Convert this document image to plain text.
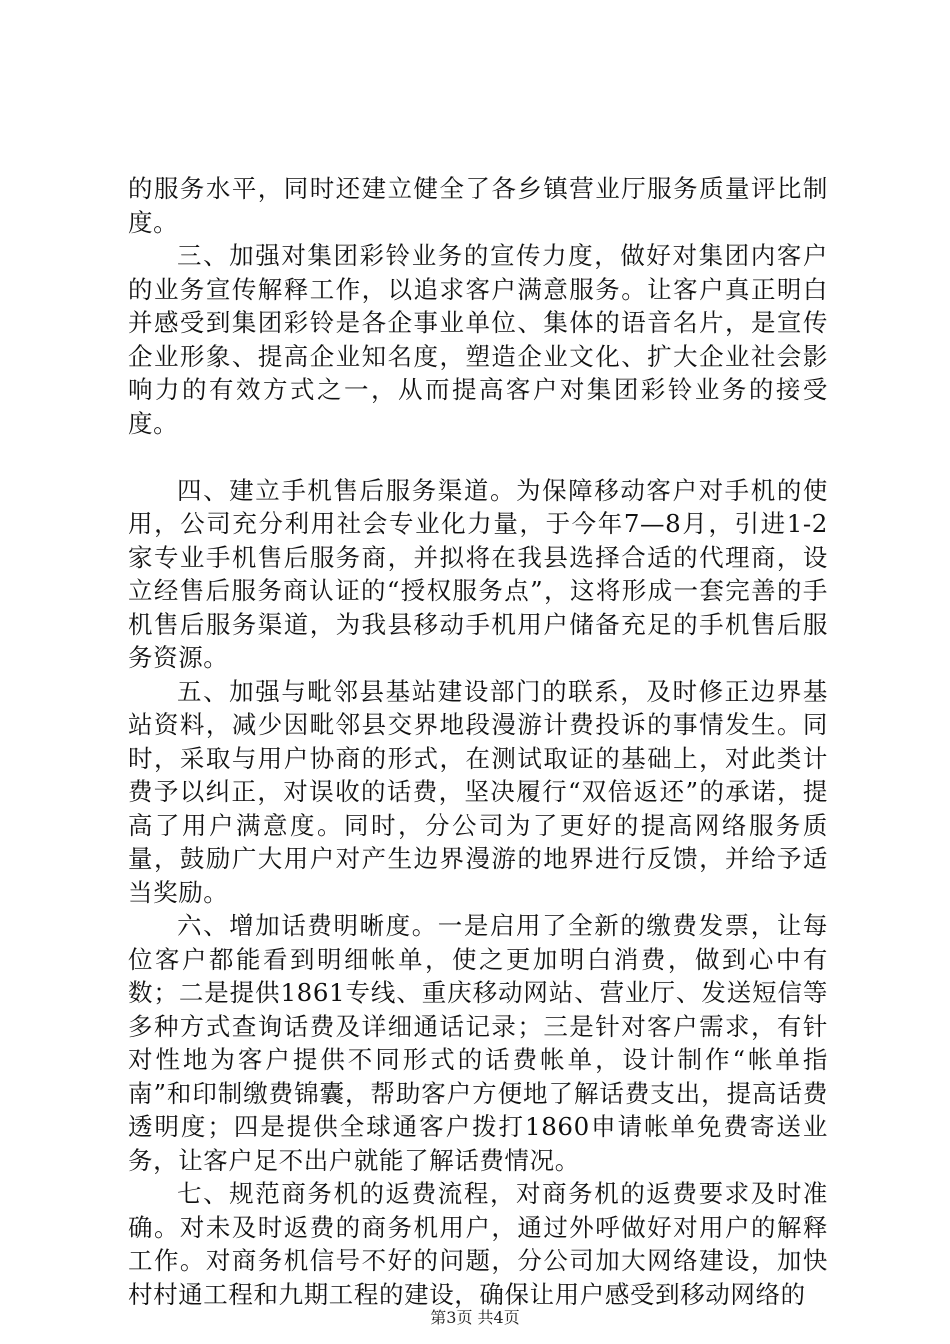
的服务水平，同时还建立健全了各乡镇营业厅服务质量评比制度。

三、加强对集团彩铃业务的宣传力度，做好对集团内客户的业务宣传解释工作，以追求客户满意服务。让客户真正明白并感受到集团彩铃是各企事业单位、集体的语音名片，是宣传企业形象、提高企业知名度，塑造企业文化、扩大企业社会影响力的有效方式之一，从而提高客户对集团彩铃业务的接受度。

四、建立手机售后服务渠道。为保障移动客户对手机的使用，公司充分利用社会专业化力量，于今年7—8月，引进1-2家专业手机售后服务商，并拟将在我县选择合适的代理商，设立经售后服务商认证的“授权服务点”，这将形成一套完善的手机售后服务渠道，为我县移动手机用户储备充足的手机售后服务资源。

五、加强与毗邻县基站建设部门的联系，及时修正边界基站资料，减少因毗邻县交界地段漫游计费投诉的事情发生。同时，采取与用户协商的形式，在测试取证的基础上，对此类计费予以纠正，对误收的话费，坚决履行“双倍返还”的承诺，提高了用户满意度。同时，分公司为了更好的提高网络服务质量，鼓励广大用户对产生边界漫游的地界进行反馈，并给予适当奖励。

六、增加话费明晰度。一是启用了全新的缴费发票，让每位客户都能看到明细帐单，使之更加明白消费，做到心中有数；二是提供1861专线、重庆移动网站、营业厅、发送短信等多种方式查询话费及详细通话记录；三是针对客户需求，有针对性地为客户提供不同形式的话费帐单，设计制作“帐单指南”和印制缴费锦囊，帮助客户方便地了解话费支出，提高话费透明度；四是提供全球通客户拨打1860申请帐单免费寄送业务，让客户足不出户就能了解话费情况。

七、规范商务机的返费流程，对商务机的返费要求及时准确。对未及时返费的商务机用户，通过外呼做好对用户的解释工作。对商务机信号不好的问题，分公司加大网络建设，加快村村通工程和九期工程的建设，确保让用户感受到移动网络的

第3页 共4页
